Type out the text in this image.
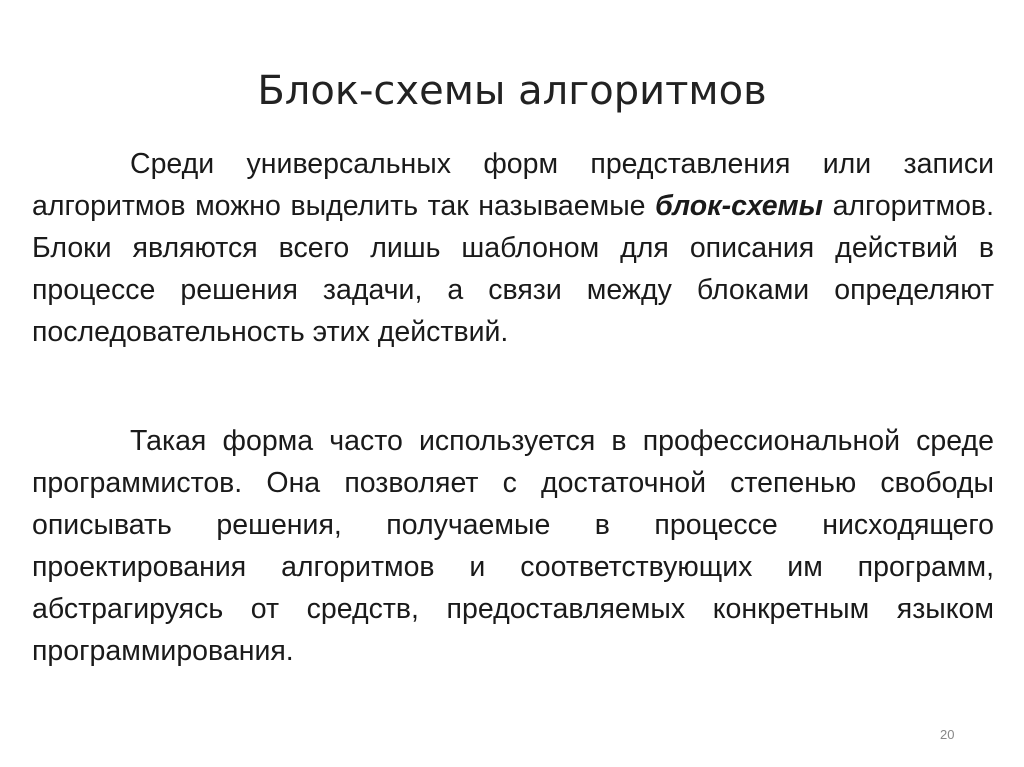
Блок-схемы алгоритмов
Среди универсальных форм представления или записи алгоритмов можно выделить так называемые блок-схемы алгоритмов. Блоки являются всего лишь шаблоном для описания действий в процессе решения задачи, а связи между блоками определяют последовательность этих действий.
Такая форма часто используется в профессиональной среде программистов. Она позволяет с достаточной степенью свободы описывать решения, получаемые в процессе нисходящего проектирования алгоритмов и соответствующих им программ, абстрагируясь от средств, предоставляемых конкретным языком программирования.
20
